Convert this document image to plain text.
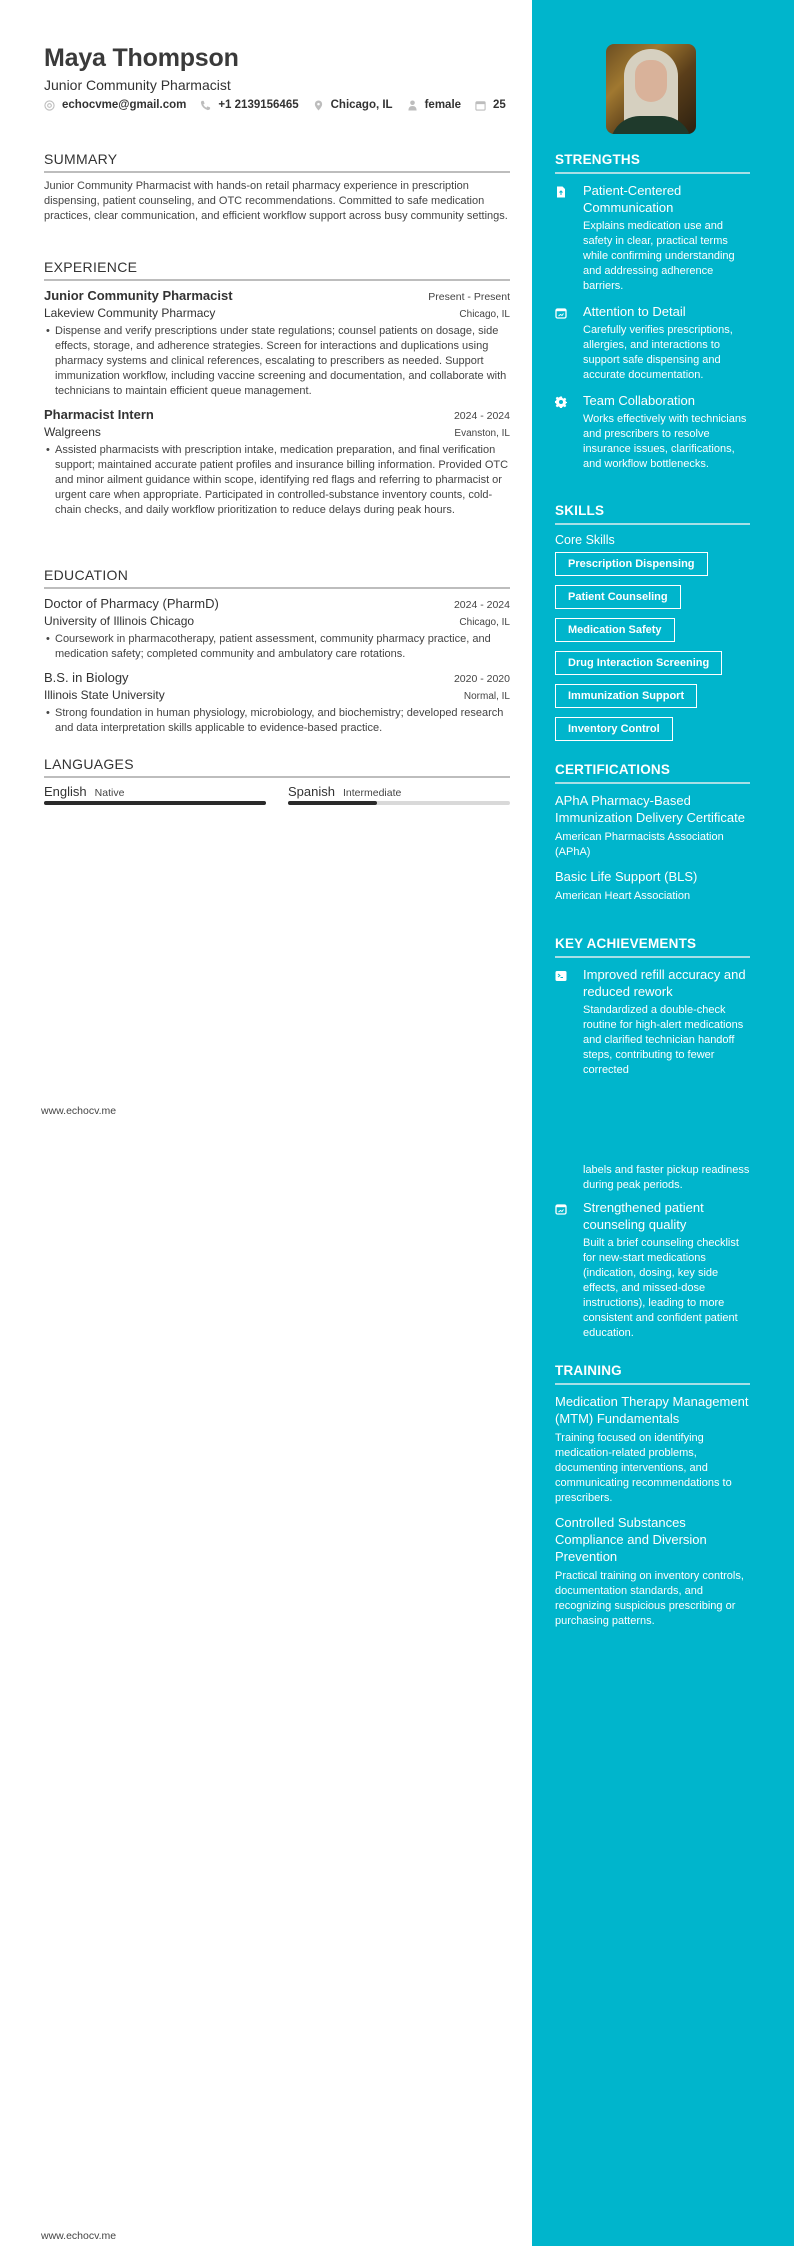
Maya Thompson
Junior Community Pharmacist
echocvme@gmail.com	+1 2139156465	Chicago, IL	female	25
SUMMARY
Junior Community Pharmacist with hands-on retail pharmacy experience in prescription dispensing, patient counseling, and OTC recommendations. Committed to safe medication practices, clear communication, and efficient workflow support across busy community settings.
EXPERIENCE
Junior Community Pharmacist	Present - Present
Lakeview Community Pharmacy	Chicago, IL
• Dispense and verify prescriptions under state regulations; counsel patients on dosage, side effects, storage, and adherence strategies. Screen for interactions and duplications using pharmacy systems and clinical references, escalating to prescribers as needed. Support immunization workflow, including vaccine screening and documentation, and collaborate with technicians to maintain efficient queue management.
Pharmacist Intern	2024 - 2024
Walgreens	Evanston, IL
• Assisted pharmacists with prescription intake, medication preparation, and final verification support; maintained accurate patient profiles and insurance billing information. Provided OTC and minor ailment guidance within scope, identifying red flags and referring to pharmacist or urgent care when appropriate. Participated in controlled-substance inventory counts, cold-chain checks, and daily workflow prioritization to reduce delays during peak hours.
EDUCATION
Doctor of Pharmacy (PharmD)	2024 - 2024
University of Illinois Chicago	Chicago, IL
• Coursework in pharmacotherapy, patient assessment, community pharmacy practice, and medication safety; completed community and ambulatory care rotations.
B.S. in Biology	2020 - 2020
Illinois State University	Normal, IL
• Strong foundation in human physiology, microbiology, and biochemistry; developed research and data interpretation skills applicable to evidence-based practice.
LANGUAGES
English Native	Spanish Intermediate
www.echocv.me
www.echocv.me
STRENGTHS
Patient-Centered Communication
Explains medication use and safety in clear, practical terms while confirming understanding and addressing adherence barriers.
Attention to Detail
Carefully verifies prescriptions, allergies, and interactions to support safe dispensing and accurate documentation.
Team Collaboration
Works effectively with technicians and prescribers to resolve insurance issues, clarifications, and workflow bottlenecks.
SKILLS
Core Skills
Prescription Dispensing
Patient Counseling
Medication Safety
Drug Interaction Screening
Immunization Support
Inventory Control
CERTIFICATIONS
APhA Pharmacy-Based Immunization Delivery Certificate
American Pharmacists Association (APhA)
Basic Life Support (BLS)
American Heart Association
KEY ACHIEVEMENTS
Improved refill accuracy and reduced rework
Standardized a double-check routine for high-alert medications and clarified technician handoff steps, contributing to fewer corrected
labels and faster pickup readiness during peak periods.
Strengthened patient counseling quality
Built a brief counseling checklist for new-start medications (indication, dosing, key side effects, and missed-dose instructions), leading to more consistent and confident patient education.
TRAINING
Medication Therapy Management (MTM) Fundamentals
Training focused on identifying medication-related problems, documenting interventions, and communicating recommendations to prescribers.
Controlled Substances Compliance and Diversion Prevention
Practical training on inventory controls, documentation standards, and recognizing suspicious prescribing or purchasing patterns.
